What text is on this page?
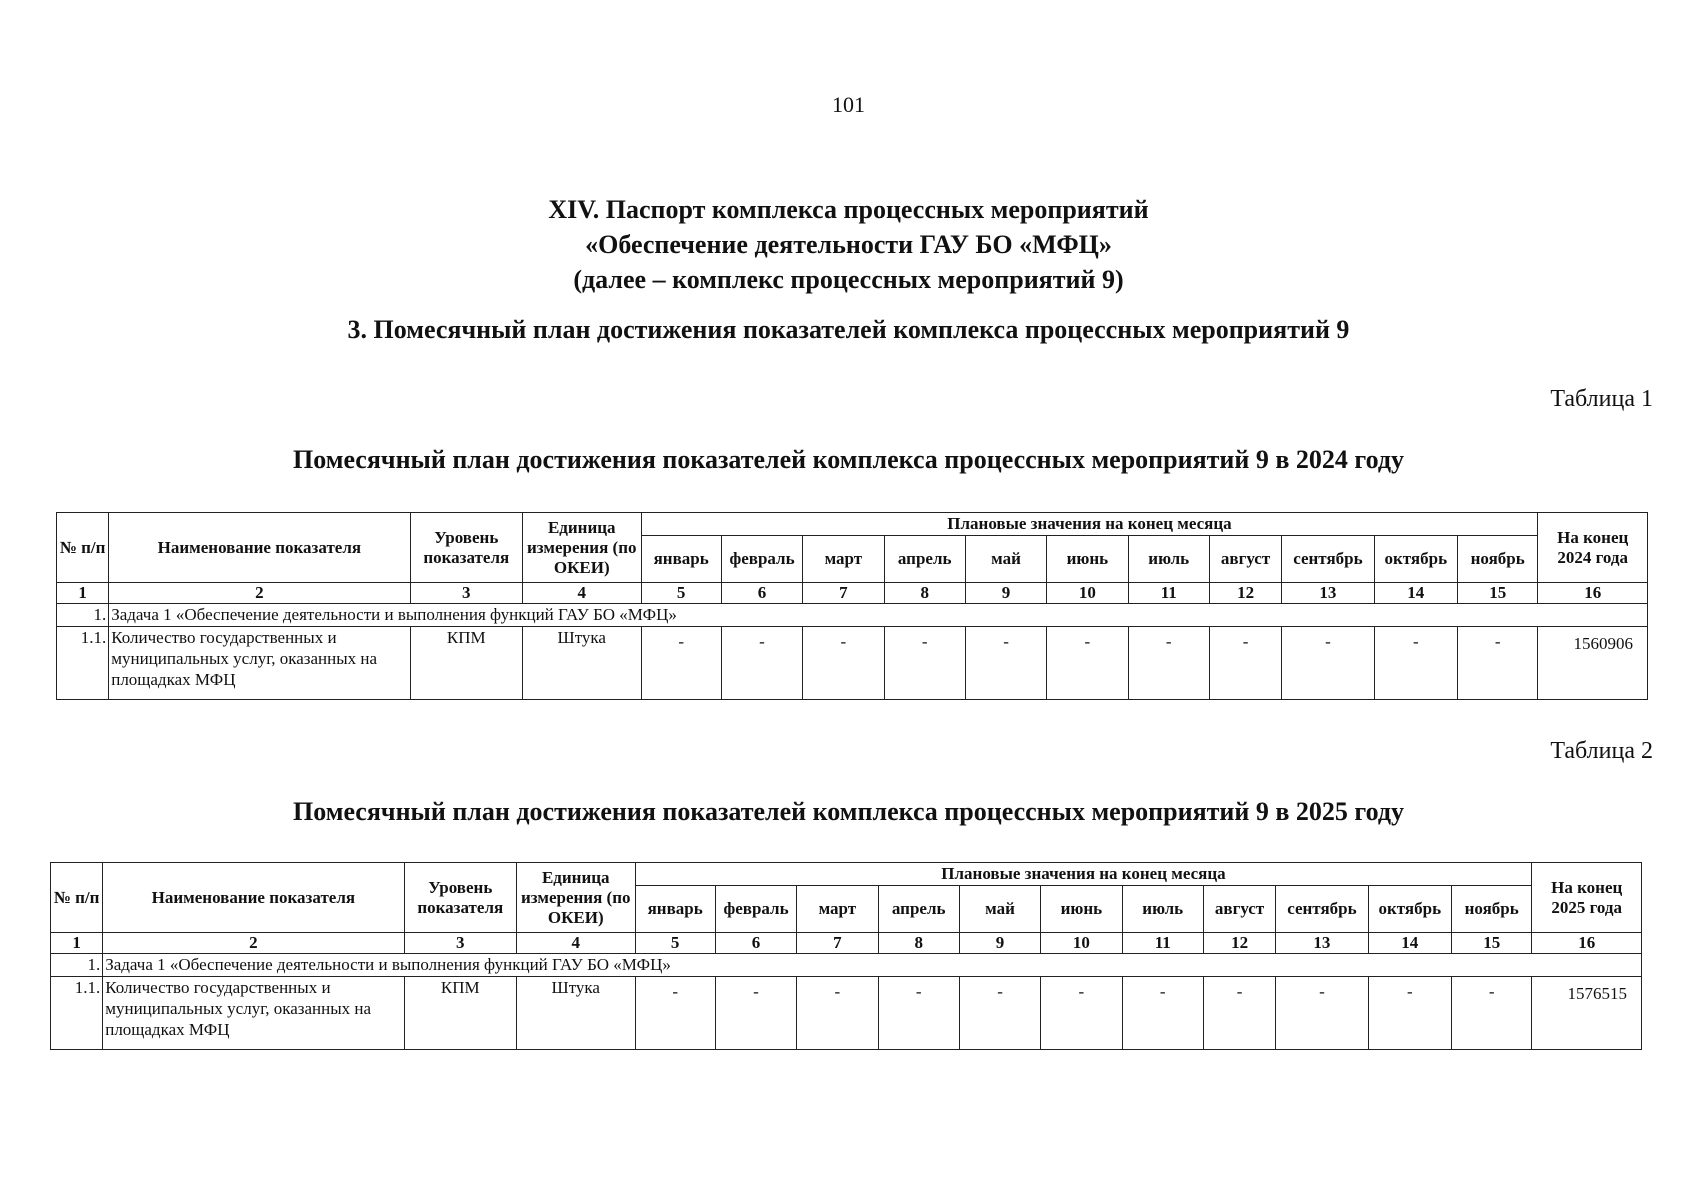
101
XIV. Паспорт комплекса процессных мероприятий
«Обеспечение деятельности ГАУ БО «МФЦ»
(далее – комплекс процессных мероприятий 9)
3. Помесячный план достижения показателей комплекса процессных мероприятий 9
Таблица 1
Помесячный план достижения показателей комплекса процессных мероприятий 9 в 2024 году
№ п/п	Наименование показателя	Уровень показателя	Единица измерения (по ОКЕИ)	Плановые значения на конец месяца											На конец 2024 года
				январь	февраль	март	апрель	май	июнь	июль	август	сентябрь	октябрь	ноябрь	
1	2	3	4	5	6	7	8	9	10	11	12	13	14	15	16
1.	Задача 1 «Обеспечение деятельности и выполнения функций ГАУ БО «МФЦ»														
1.1.	Количество государственных и муниципальных услуг, оказанных на площадках МФЦ	КПМ	Штука	-	-	-	-	-	-	-	-	-	-	-	1560906
Таблица 2
Помесячный план достижения показателей комплекса процессных мероприятий 9 в 2025 году
№ п/п	Наименование показателя	Уровень показателя	Единица измерения (по ОКЕИ)	Плановые значения на конец месяца											На конец 2025 года
				январь	февраль	март	апрель	май	июнь	июль	август	сентябрь	октябрь	ноябрь	
1	2	3	4	5	6	7	8	9	10	11	12	13	14	15	16
1.	Задача 1 «Обеспечение деятельности и выполнения функций ГАУ БО «МФЦ»														
1.1.	Количество государственных и муниципальных услуг, оказанных на площадках МФЦ	КПМ	Штука	-	-	-	-	-	-	-	-	-	-	-	1576515
